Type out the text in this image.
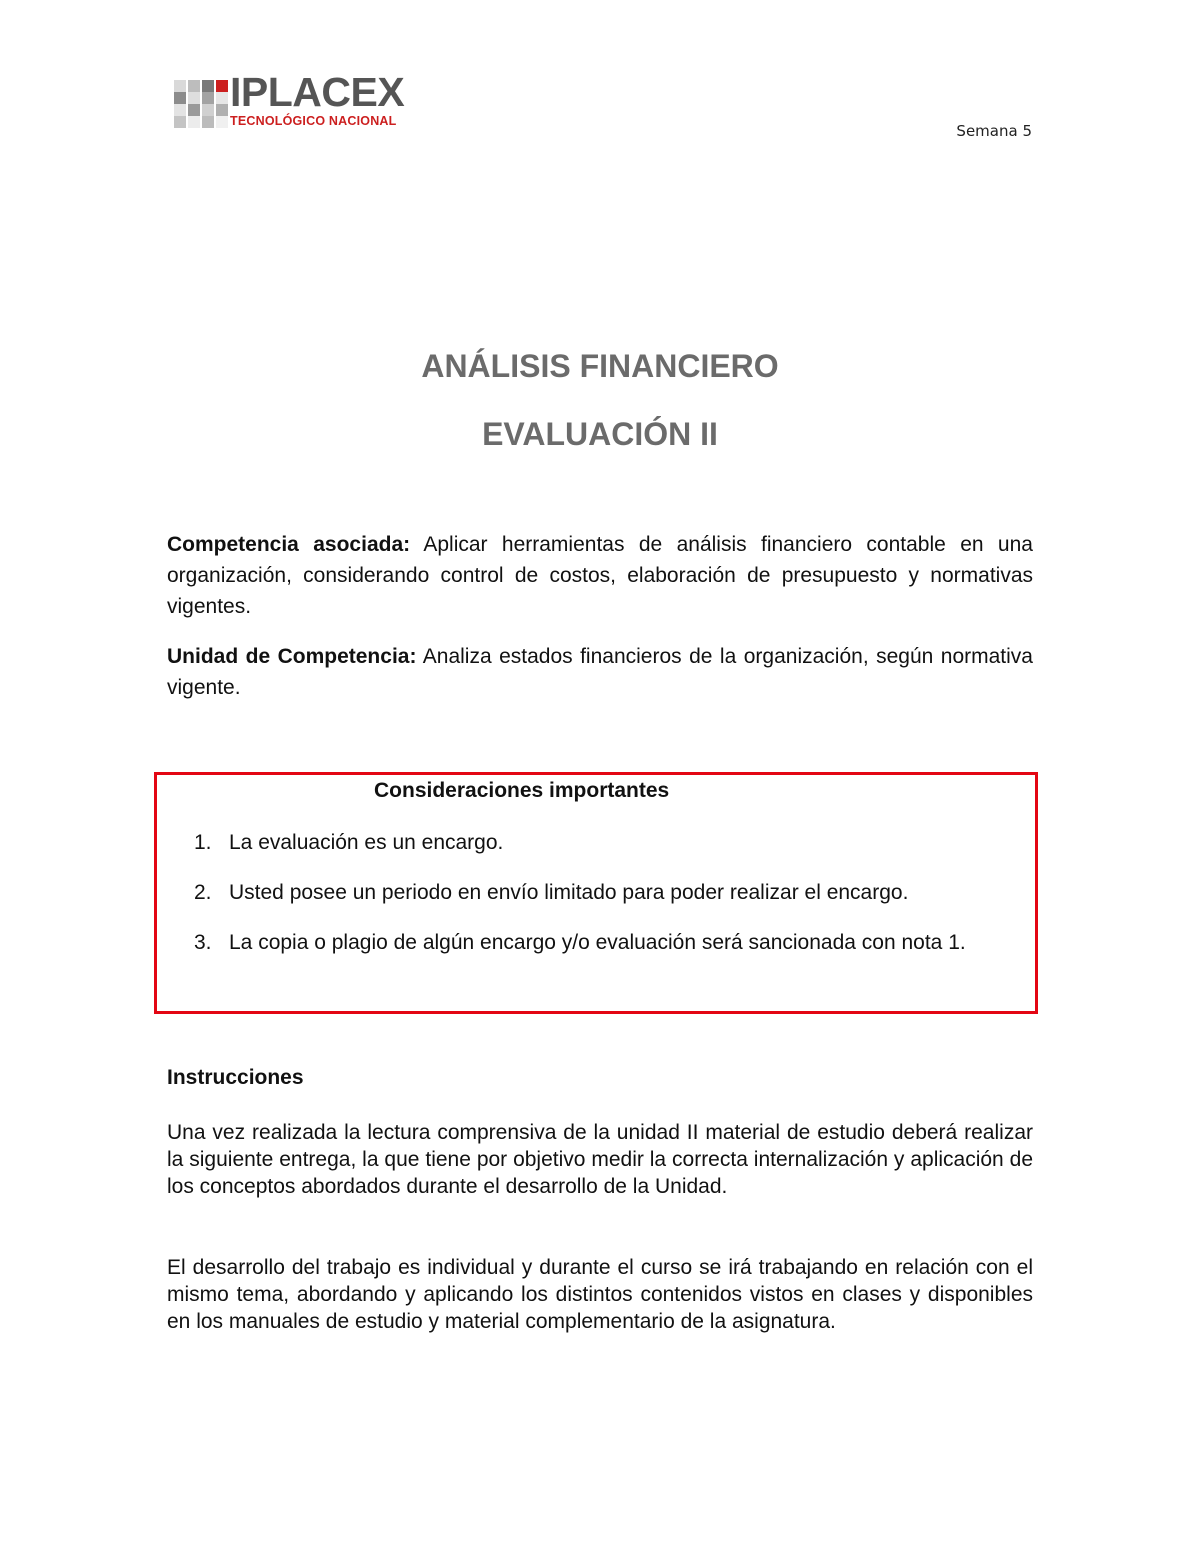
IPLACEX
TECNOLÓGICO NACIONAL
Semana 5
ANÁLISIS FINANCIERO
EVALUACIÓN II

Competencia asociada: Aplicar herramientas de análisis financiero contable en una organización, considerando control de costos, elaboración de presupuesto y normativas vigentes.

Unidad de Competencia: Analiza estados financieros de la organización, según normativa vigente.

Consideraciones importantes
1. La evaluación es un encargo.
2. Usted posee un periodo en envío limitado para poder realizar el encargo.
3. La copia o plagio de algún encargo y/o evaluación será sancionada con nota 1.
Instrucciones

Una vez realizada la lectura comprensiva de la unidad II material de estudio deberá realizar la siguiente entrega, la que tiene por objetivo medir la correcta internalización y aplicación de los conceptos abordados durante el desarrollo de la Unidad.

El desarrollo del trabajo es individual y durante el curso se irá trabajando en relación con el mismo tema, abordando y aplicando los distintos contenidos vistos en clases y disponibles en los manuales de estudio y material complementario de la asignatura.
